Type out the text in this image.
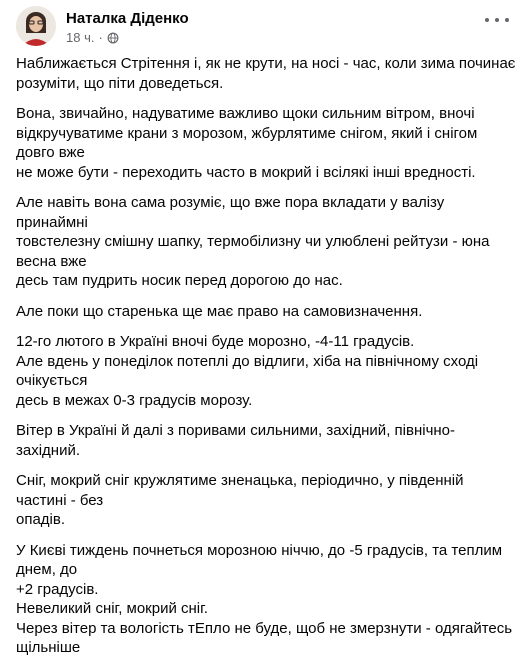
Наталка Діденко
18 ч. ·

Наближається Стрітення і, як не крути, на носі - час, коли зима починає
розуміти, що піти доведеться.

Вона, звичайно, надуватиме важливо щоки сильним вітром, вночі
відкручуватиме крани з морозом, жбурлятиме снігом, який і снігом довго вже
не може бути - переходить часто в мокрий і всілякі інші вредності.

Але навіть вона сама розуміє, що вже пора вкладати у валізу принаймні
товстелезну смішну шапку, термобілизну чи улюблені рейтузи - юна весна вже
десь там пудрить носик перед дорогою до нас.

Але поки що старенька ще має право на самовизначення.

12-го лютого в Україні вночі буде морозно, -4-11 градусів.
Але вдень у понеділок потеплі до відлиги, хіба на північному сході очікується
десь в межах 0-3 градусів морозу.

Вітер в Україні й далі з поривами сильними, західний, північно-західний.

Сніг, мокрий сніг кружлятиме зненацька, періодично, у південній частині - без
опадів.

У Києві тиждень почнеться морозною ніччю, до -5 градусів, та теплим днем, до
+2 градусів.
Невеликий сніг, мокрий сніг.
Через вітер та вологість тЕпло не буде, щоб не змерзнути - одягайтесь щільніше
